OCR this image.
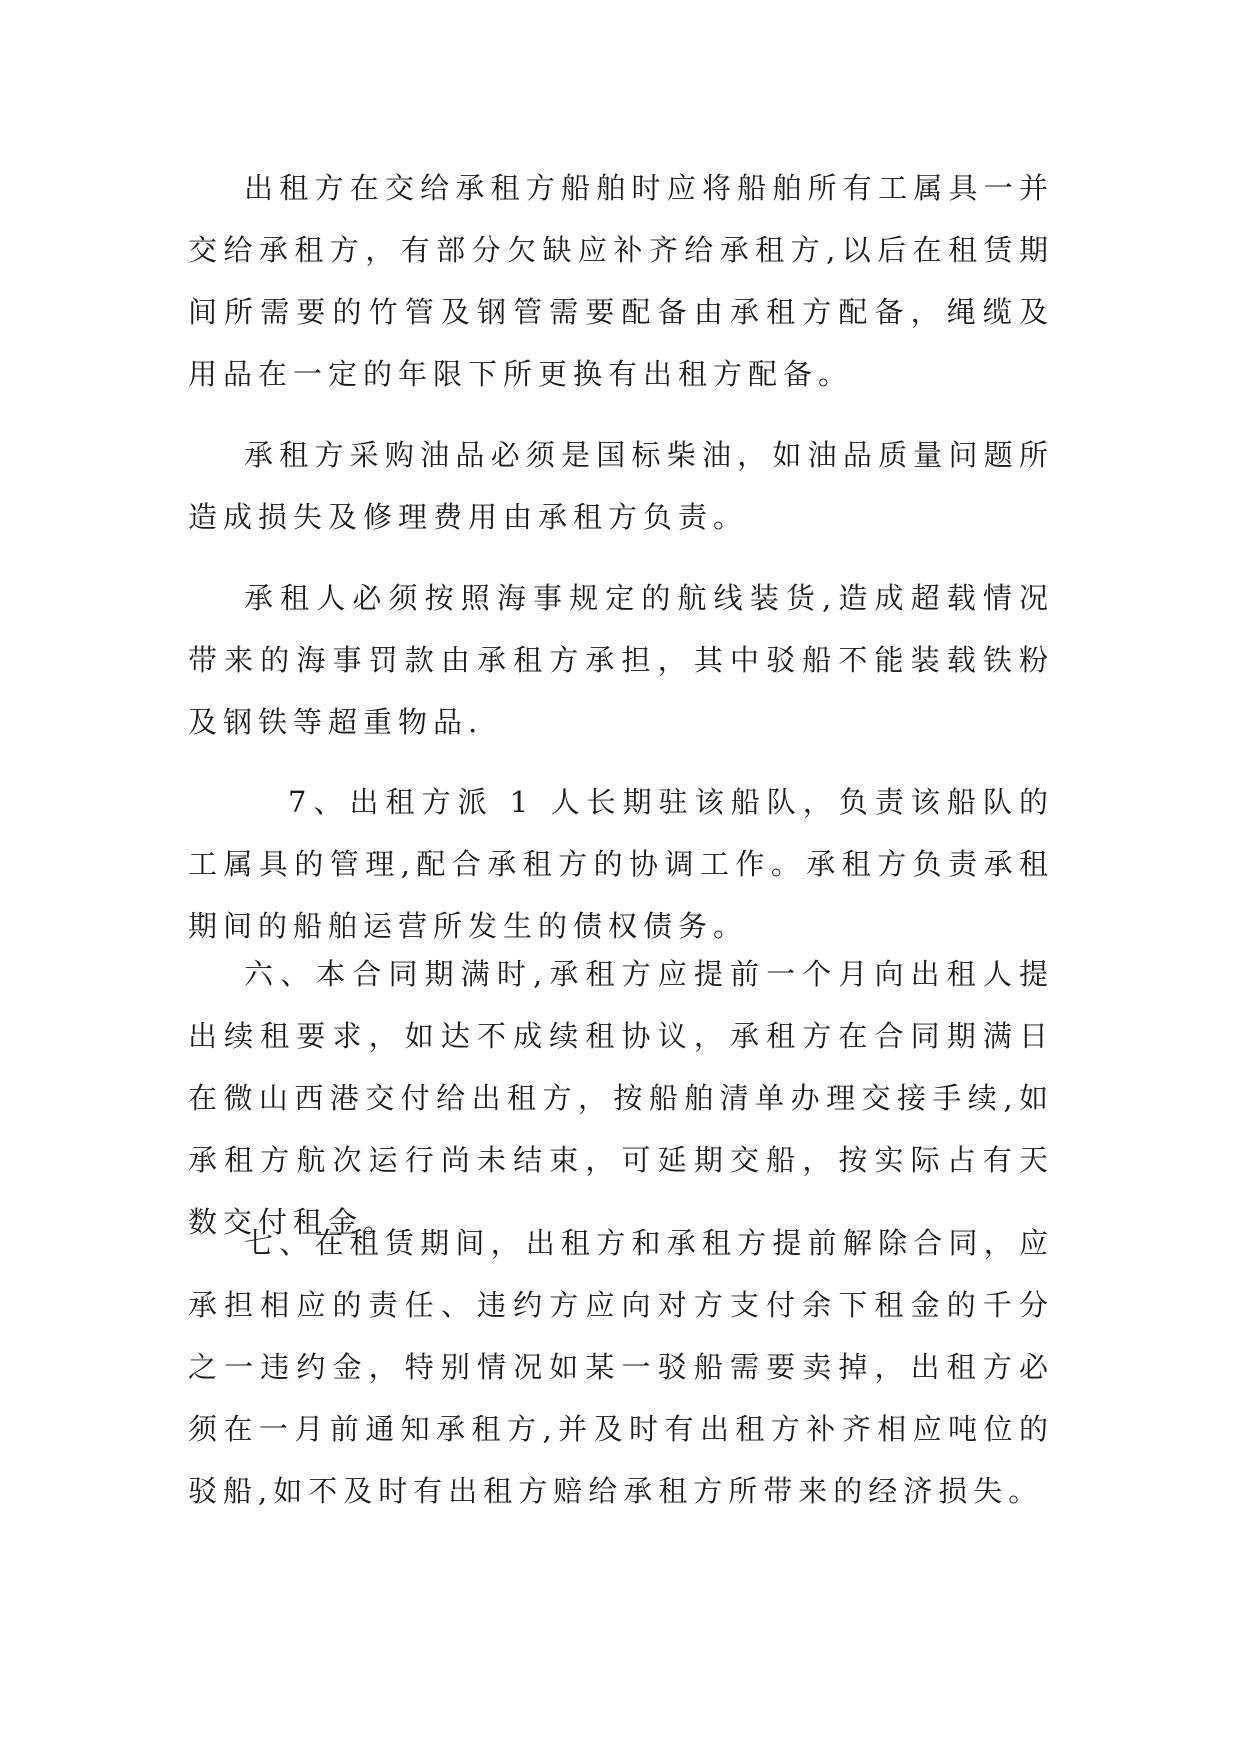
出租方在交给承租方船舶时应将船舶所有工属具一并交给承租方，有部分欠缺应补齐给承租方,以后在租赁期间所需要的竹管及钢管需要配备由承租方配备，绳缆及用品在一定的年限下所更换有出租方配备。

承租方采购油品必须是国标柴油，如油品质量问题所造成损失及修理费用由承租方负责。

承租人必须按照海事规定的航线装货,造成超载情况带来的海事罚款由承租方承担，其中驳船不能装载铁粉及钢铁等超重物品.

7、出租方派 1 人长期驻该船队，负责该船队的工属具的管理,配合承租方的协调工作。承租方负责承租期间的船舶运营所发生的债权债务。

六、本合同期满时,承租方应提前一个月向出租人提出续租要求，如达不成续租协议，承租方在合同期满日在微山西港交付给出租方，按船舶清单办理交接手续,如承租方航次运行尚未结束，可延期交船，按实际占有天数交付租金。

七、在租赁期间，出租方和承租方提前解除合同，应承担相应的责任、违约方应向对方支付余下租金的千分之一违约金，特别情况如某一驳船需要卖掉，出租方必须在一月前通知承租方,并及时有出租方补齐相应吨位的驳船,如不及时有出租方赔给承租方所带来的经济损失。
